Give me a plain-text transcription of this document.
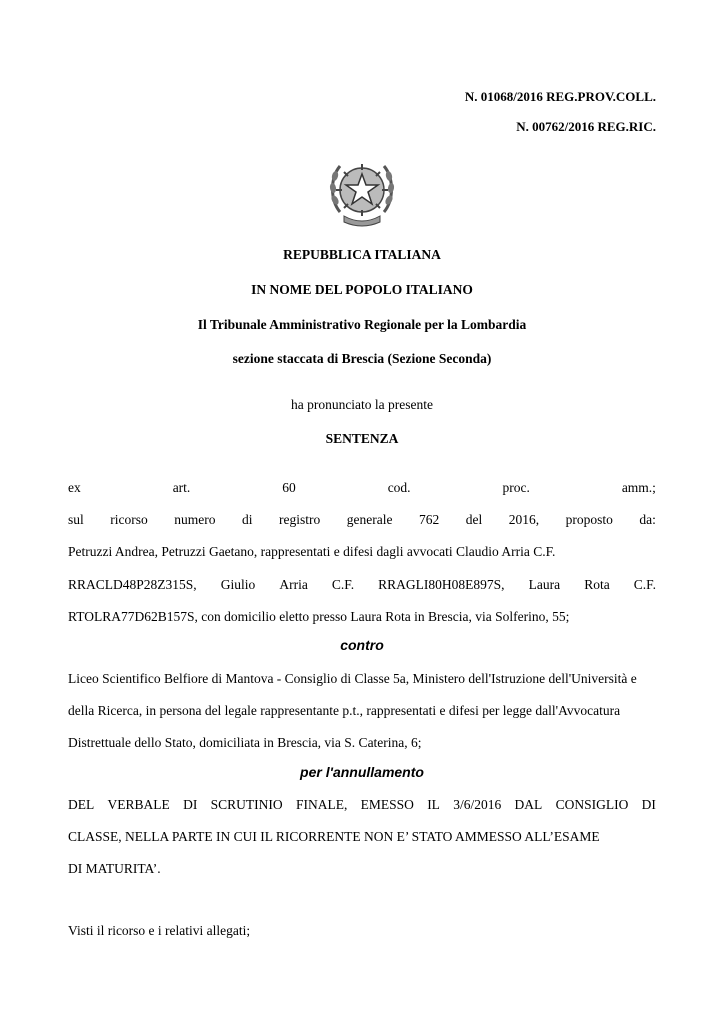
N. 01068/2016 REG.PROV.COLL.
N. 00762/2016 REG.RIC.
REPUBBLICA ITALIANA
IN NOME DEL POPOLO ITALIANO
Il Tribunale Amministrativo Regionale per la Lombardia
sezione staccata di Brescia (Sezione Seconda)
ha pronunciato la presente
SENTENZA
ex	art.	60	cod.	proc.	amm.;
sul ricorso numero di registro generale 762 del 2016, proposto da:
Petruzzi Andrea, Petruzzi Gaetano, rappresentati e difesi dagli avvocati Claudio Arria C.F.
RRACLD48P28Z315S, Giulio Arria C.F. RRAGLI80H08E897S, Laura Rota C.F.
RTOLRA77D62B157S, con domicilio eletto presso Laura Rota in Brescia, via Solferino, 55;
contro
Liceo Scientifico Belfiore di Mantova - Consiglio di Classe 5a, Ministero dell'Istruzione dell'Università e
della Ricerca, in persona del legale rappresentante p.t., rappresentati e difesi per legge dall'Avvocatura
Distrettuale dello Stato, domiciliata in Brescia, via S. Caterina, 6;
per l'annullamento
DEL VERBALE DI SCRUTINIO FINALE, EMESSO IL 3/6/2016 DAL CONSIGLIO DI
CLASSE, NELLA PARTE IN CUI IL RICORRENTE NON E’ STATO AMMESSO ALL’ESAME
DI MATURITA’.
Visti il ricorso e i relativi allegati;
